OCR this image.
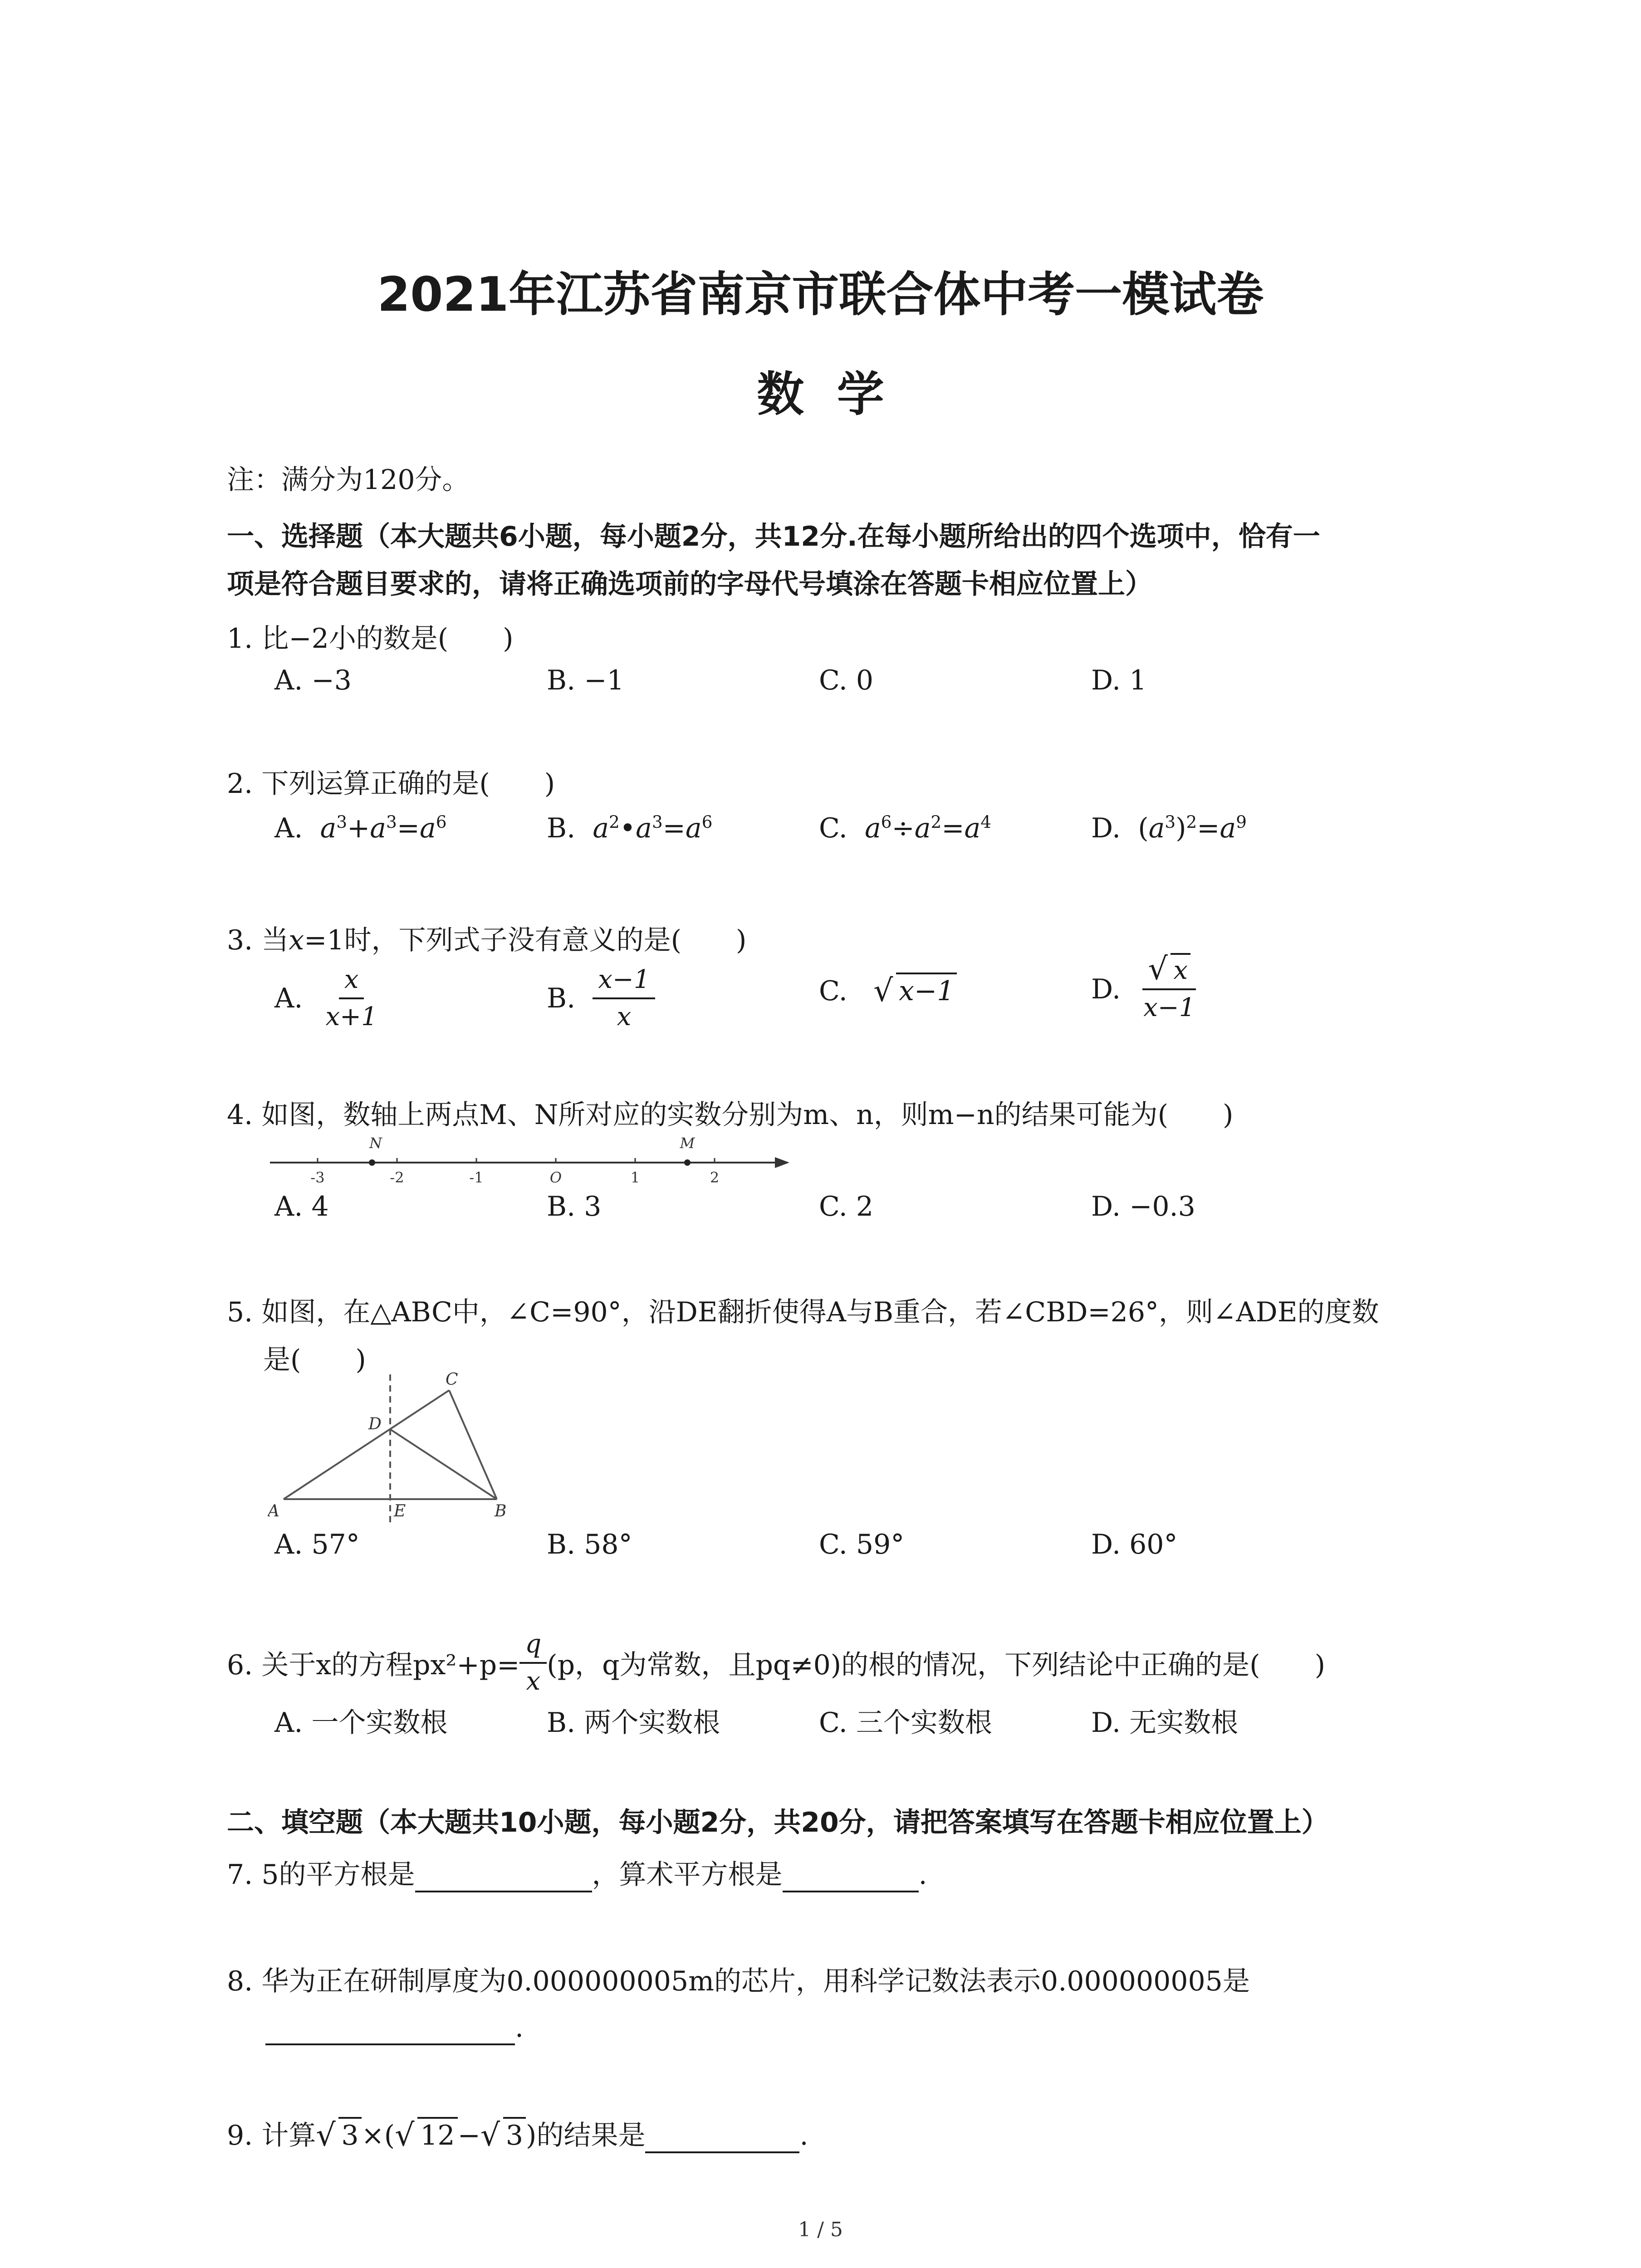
2021年江苏省南京市联合体中考一模试卷
数  学
注：满分为120分。
一、选择题（本大题共6小题，每小题2分，共12分.在每小题所给出的四个选项中，恰有一
项是符合题目要求的，请将正确选项前的字母代号填涂在答题卡相应位置上）
1. 比−2小的数是(　　)
A. −3	B. −1	C. 0	D. 1
2. 下列运算正确的是(　　)
A. $a^3+a^3=a^6$	B. $a^2•a^3=a^6$	C. $a^6\div a^2=a^4$	D. $(a^3)^2=a^9$
3. 当x=1时，下列式子没有意义的是(　　)
A.
$\frac{x}{x+1}$	B.
$\frac{x-1}{x}$	C. √ x−1	D.
$\frac{√ x}{x-1}$
4. 如图，数轴上两点M、N所对应的实数分别为m、n，则m−n的结果可能为(　　)
-3	-2	-1	O	1	2
N	M
A. 4	B. 3	C. 2	D. −0.3
5. 如图，在△ABC中，∠C=90°，沿DE翻折使得A与B重合，若∠CBD=26°，则∠ADE的度数
是(　　)
A	B
C
D
E
A. 57°	B. 58°	C. 59°	D. 60°
6. 关于x的方程$px^2+p= \frac{q}{x} (p$，q为常数，且pq≠0)的根的情况，下列结论中正确的是(　　)
A. 一个实数根	B. 两个实数根	C. 三个实数根	D. 无实数根
二、填空题（本大题共10小题，每小题2分，共20分，请把答案填写在答题卡相应位置上）
7. 5的平方根是	，算术平方根是	.
8. 华为正在研制厚度为0.000000005m的芯片，用科学记数法表示0.000000005是
.
9. 计算 √ 3 ×( √ 12 − √ 3 )的结果是	.
1 / 5
